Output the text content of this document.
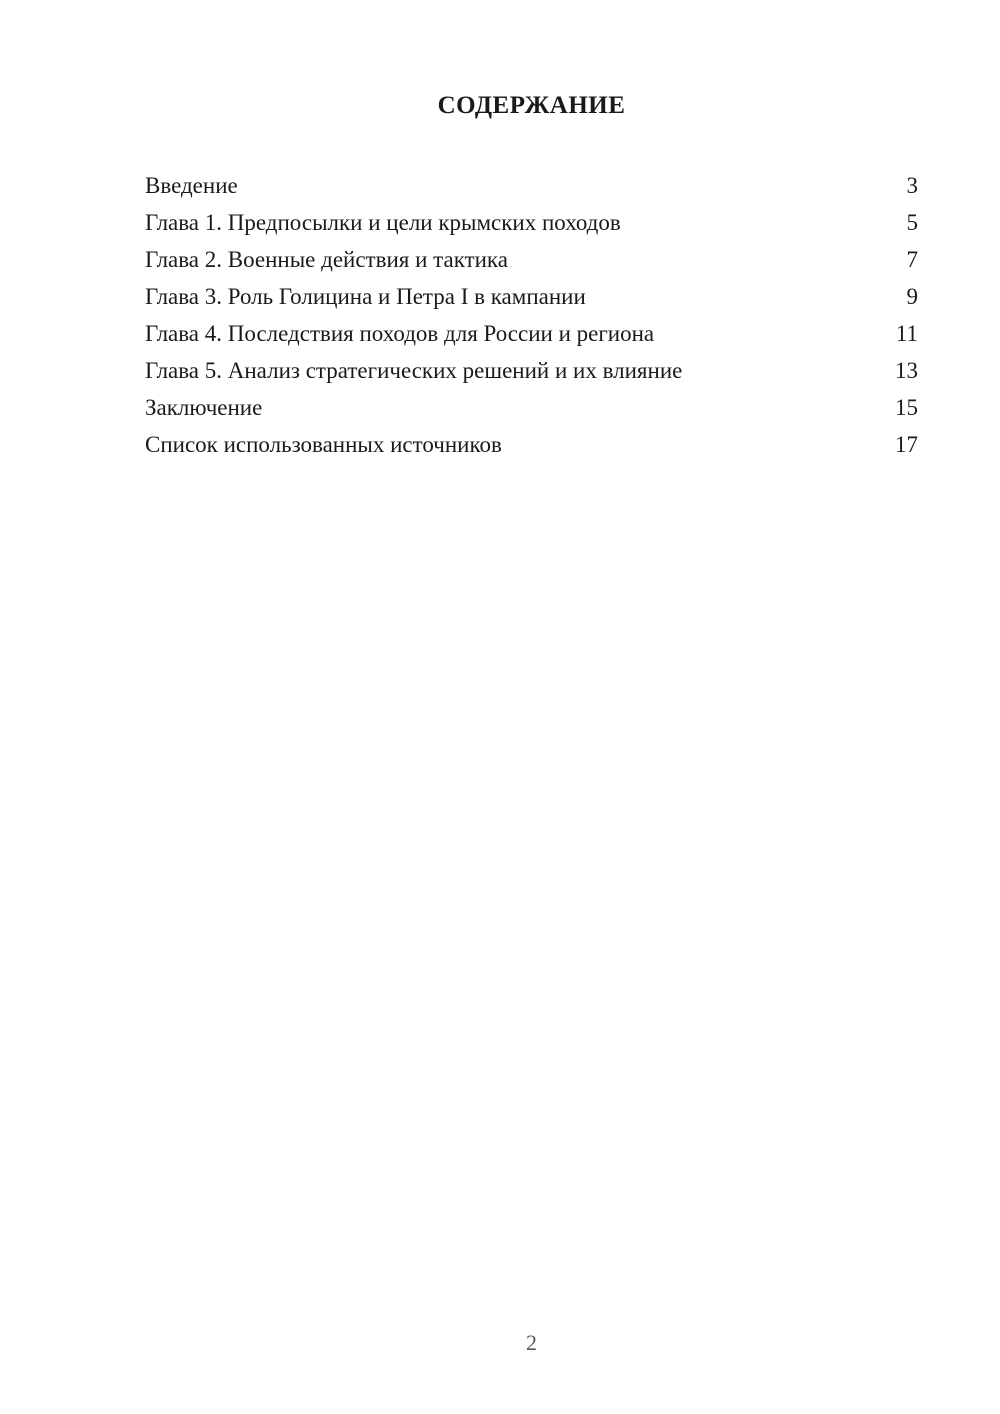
СОДЕРЖАНИЕ
Введение	3
Глава 1. Предпосылки и цели крымских походов	5
Глава 2. Военные действия и тактика	7
Глава 3. Роль Голицина и Петра I в кампании	9
Глава 4. Последствия походов для России и региона	11
Глава 5. Анализ стратегических решений и их влияние	13
Заключение	15
Список использованных источников	17
2
